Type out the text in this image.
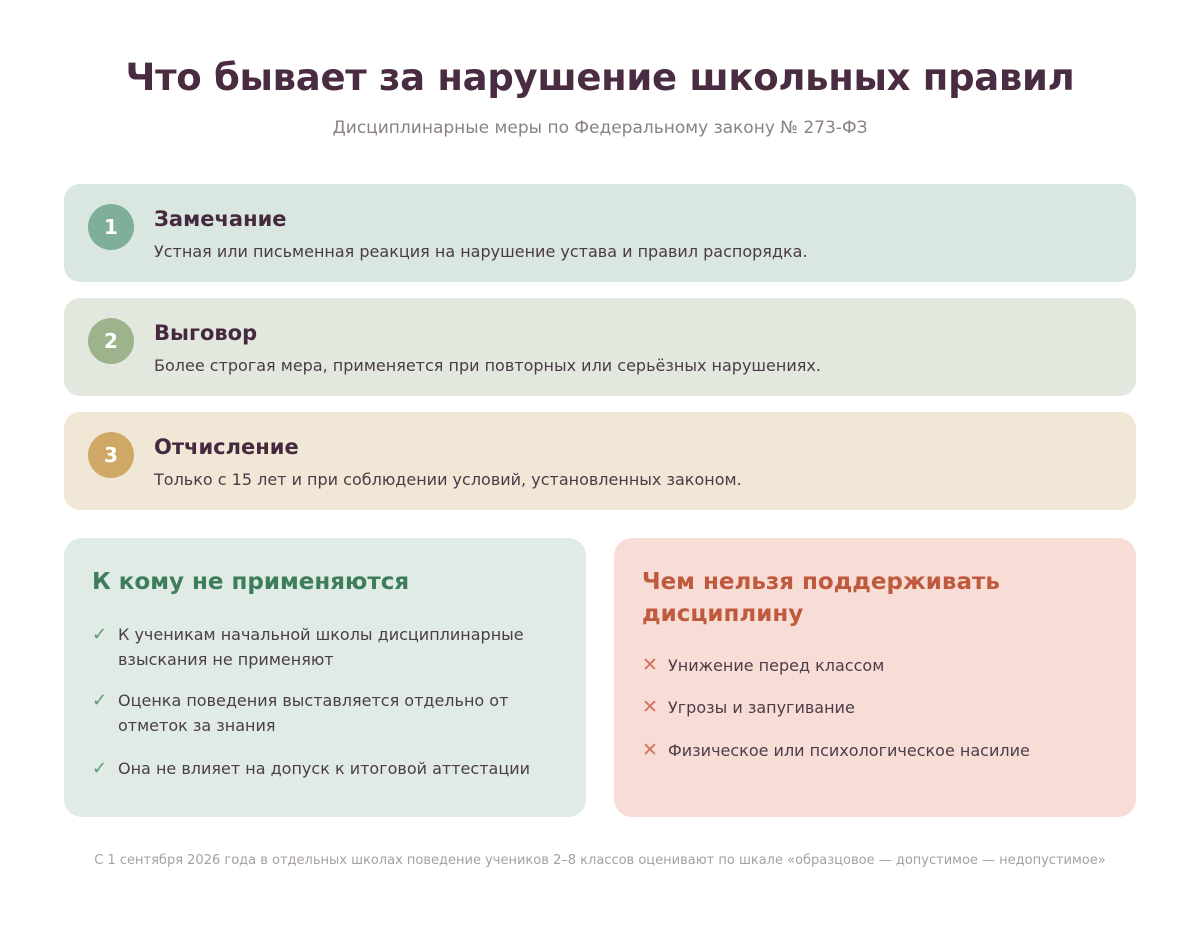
Что бывает за нарушение школьных правил
Дисциплинарные меры по Федеральному закону № 273-ФЗ
1	Замечание
Устная или письменная реакция на нарушение устава и правил распорядка.
2	Выговор
Более строгая мера, применяется при повторных или серьёзных нарушениях.
3	Отчисление
Только с 15 лет и при соблюдении условий, установленных законом.
К кому не применяются
✓ К ученикам начальной школы дисциплинарные взыскания не применяют
✓ Оценка поведения выставляется отдельно от отметок за знания
✓ Она не влияет на допуск к итоговой аттестации
Чем нельзя поддерживать дисциплину
✕ Унижение перед классом
✕ Угрозы и запугивание
✕ Физическое или психологическое насилие
С 1 сентября 2026 года в отдельных школах поведение учеников 2–8 классов оценивают по шкале «образцовое — допустимое — недопустимое»
